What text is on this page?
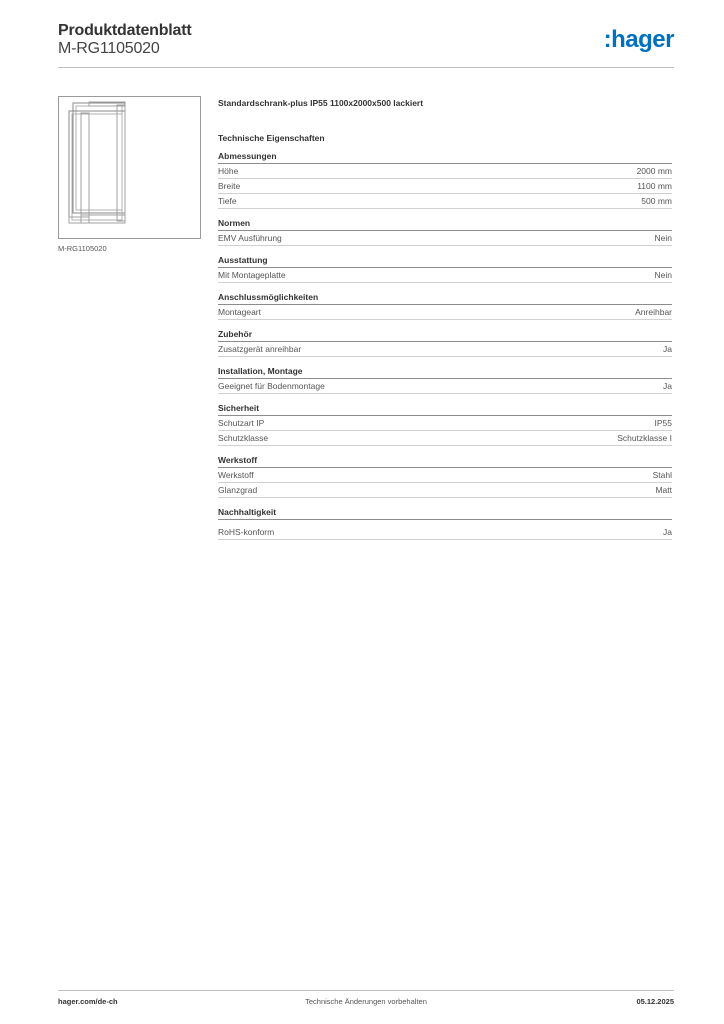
Produktdatenblatt
M-RG1105020	:hager
M-RG1105020
Standardschrank-plus IP55 1100x2000x500 lackiert
Technische Eigenschaften
Abmessungen
Höhe	2000 mm
Breite	1100 mm
Tiefe	500 mm
Normen
EMV Ausführung	Nein
Ausstattung
Mit Montageplatte	Nein
Anschlussmöglichkeiten
Montageart	Anreihbar
Zubehör
Zusatzgerät anreihbar	Ja
Installation, Montage
Geeignet für Bodenmontage	Ja
Sicherheit
Schutzart IP	IP55
Schutzklasse	Schutzklasse I
Werkstoff
Werkstoff	Stahl
Glanzgrad	Matt
Nachhaltigkeit
RoHS-konform	Ja
hager.com/de-ch	Technische Änderungen vorbehalten	05.12.2025
